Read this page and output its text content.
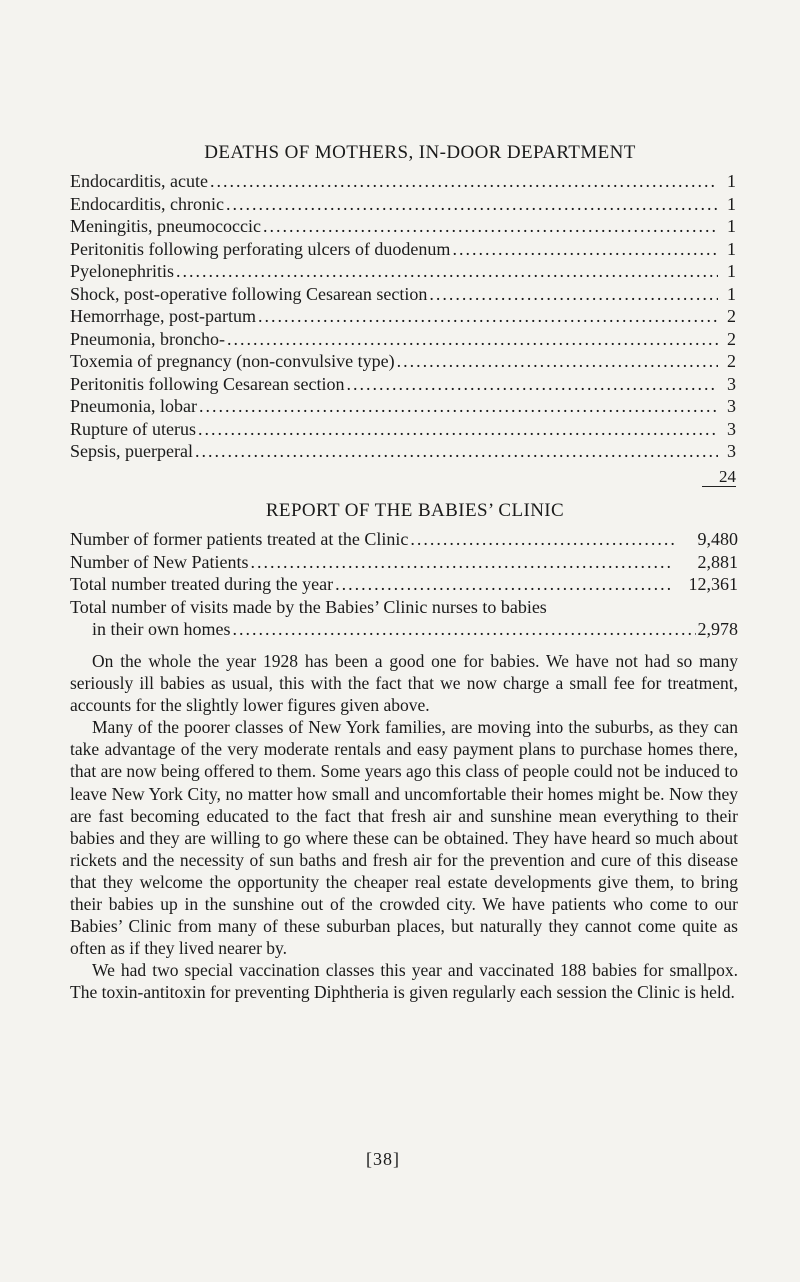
DEATHS OF MOTHERS, IN-DOOR DEPARTMENT
Endocarditis, acute .....	1
Endocarditis, chronic .....	1
Meningitis, pneumococcic .....	1
Peritonitis following perforating ulcers of duodenum .....	1
Pyelonephritis .....	1
Shock, post-operative following Cesarean section .....	1
Hemorrhage, post-partum .....	2
Pneumonia, broncho- .....	2
Toxemia of pregnancy (non-convulsive type) .....	2
Peritonitis following Cesarean section .....	3
Pneumonia, lobar .....	3
Rupture of uterus .....	3
Sepsis, puerperal .....	3

24

REPORT OF THE BABIES’ CLINIC
Number of former patients treated at the Clinic .....	9,480
Number of New Patients .....	2,881
Total number treated during the year .....	12,361
Total number of visits made by the Babies’ Clinic nurses to babies
in their own homes .....	2,978

On the whole the year 1928 has been a good one for babies. We have not had so many seriously ill babies as usual, this with the fact that we now charge a small fee for treatment, accounts for the slightly lower figures given above.

Many of the poorer classes of New York families, are moving into the suburbs, as they can take advantage of the very moderate rentals and easy payment plans to purchase homes there, that are now being offered to them. Some years ago this class of people could not be induced to leave New York City, no matter how small and uncomfortable their homes might be. Now they are fast becoming educated to the fact that fresh air and sunshine mean everything to their babies and they are willing to go where these can be obtained. They have heard so much about rickets and the necessity of sun baths and fresh air for the prevention and cure of this disease that they welcome the opportunity the cheaper real estate developments give them, to bring their babies up in the sunshine out of the crowded city. We have patients who come to our Babies’ Clinic from many of these suburban places, but naturally they cannot come quite as often as if they lived nearer by.

We had two special vaccination classes this year and vaccinated 188 babies for smallpox. The toxin-antitoxin for preventing Diphtheria is given regularly each session the Clinic is held.

[38]
